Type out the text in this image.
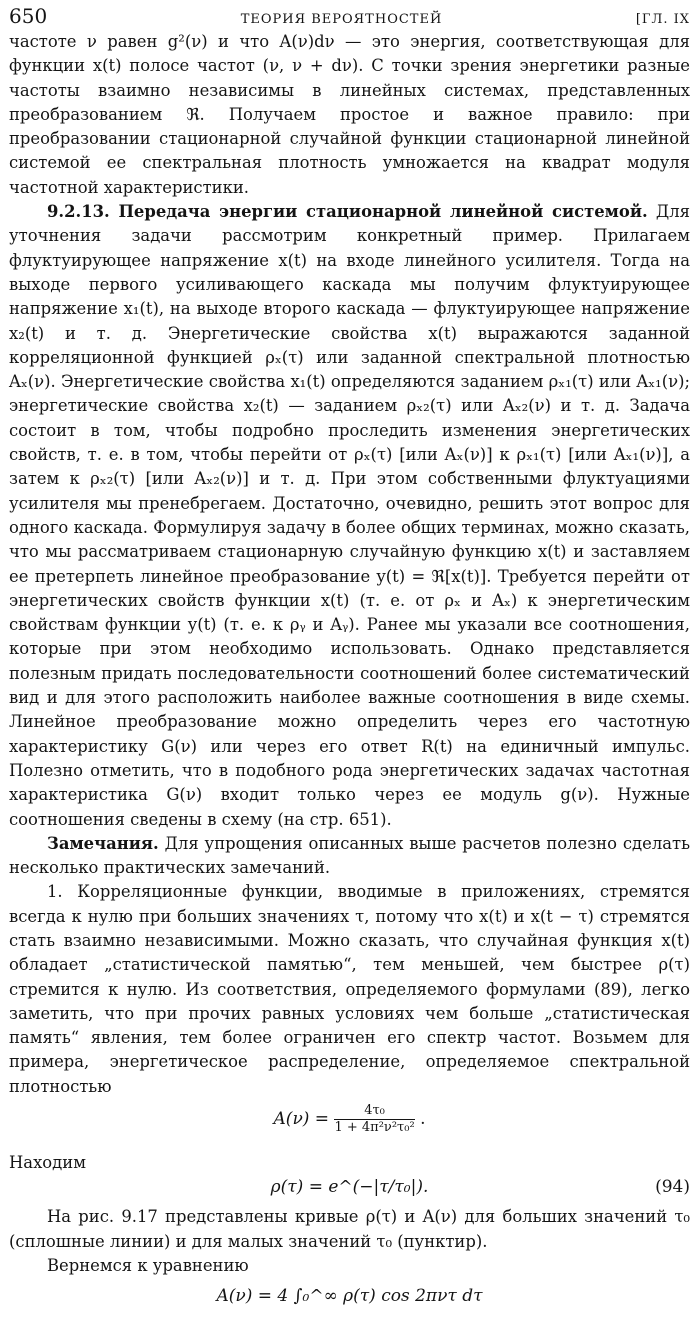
650	ТЕОРИЯ ВЕРОЯТНОСТЕЙ	[ГЛ. IX

частоте ν равен g²(ν) и что A(ν)dν — это энергия, соответствующая для функции x(t) полосе частот (ν, ν + dν). С точки зрения энергетики разные частоты взаимно независимы в линейных системах, представленных преобразованием ℜ. Получаем простое и важное правило: при преобразовании стационарной случайной функции стационарной линейной системой ее спектральная плотность умножается на квадрат модуля частотной характеристики.

9.2.13. Передача энергии стационарной линейной системой. Для уточнения задачи рассмотрим конкретный пример. Прилагаем флуктуирующее напряжение x(t) на входе линейного усилителя. Тогда на выходе первого усиливающего каскада мы получим флуктуирующее напряжение x₁(t), на выходе второго каскада — флуктуирующее напряжение x₂(t) и т. д. Энергетические свойства x(t) выражаются заданной корреляционной функцией ρₓ(τ) или заданной спектральной плотностью Aₓ(ν). Энергетические свойства x₁(t) определяются заданием ρₓ₁(τ) или Aₓ₁(ν); энергетические свойства x₂(t) — заданием ρₓ₂(τ) или Aₓ₂(ν) и т. д. Задача состоит в том, чтобы подробно проследить изменения энергетических свойств, т. е. в том, чтобы перейти от ρₓ(τ) [или Aₓ(ν)] к ρₓ₁(τ) [или Aₓ₁(ν)], а затем к ρₓ₂(τ) [или Aₓ₂(ν)] и т. д. При этом собственными флуктуациями усилителя мы пренебрегаем. Достаточно, очевидно, решить этот вопрос для одного каскада. Формулируя задачу в более общих терминах, можно сказать, что мы рассматриваем стационарную случайную функцию x(t) и заставляем ее претерпеть линейное преобразование y(t) = ℜ[x(t)]. Требуется перейти от энергетических свойств функции x(t) (т. е. от ρₓ и Aₓ) к энергетическим свойствам функции y(t) (т. е. к ρᵧ и Aᵧ). Ранее мы указали все соотношения, которые при этом необходимо использовать. Однако представляется полезным придать последовательности соотношений более систематический вид и для этого расположить наиболее важные соотношения в виде схемы. Линейное преобразование можно определить через его частотную характеристику G(ν) или через его ответ R(t) на единичный импульс. Полезно отметить, что в подобного рода энергетических задачах частотная характеристика G(ν) входит только через ее модуль g(ν). Нужные соотношения сведены в схему (на стр. 651).

Замечания. Для упрощения описанных выше расчетов полезно сделать несколько практических замечаний.

1. Корреляционные функции, вводимые в приложениях, стремятся всегда к нулю при больших значениях τ, потому что x(t) и x(t − τ) стремятся стать взаимно независимыми. Можно сказать, что случайная функция x(t) обладает „статистической памятью“, тем меньшей, чем быстрее ρ(τ) стремится к нулю. Из соответствия, определяемого формулами (89), легко заметить, что при прочих равных условиях чем больше „статистическая память“ явления, тем более ограничен его спектр частот. Возьмем для примера, энергетическое распределение, определяемое спектральной плотностью

$A(\nu) = \frac{\text{4τ₀}}{\text{1 + 4π²ν²τ₀²}}$ .

Находим

ρ(τ) = e^(−|τ/τ₀|).	(94)

На рис. 9.17 представлены кривые ρ(τ) и A(ν) для больших значений τ₀ (сплошные линии) и для малых значений τ₀ (пунктир).

Вернемся к уравнению

A(ν) = 4 ∫₀^∞ ρ(τ) cos 2πντ dτ
